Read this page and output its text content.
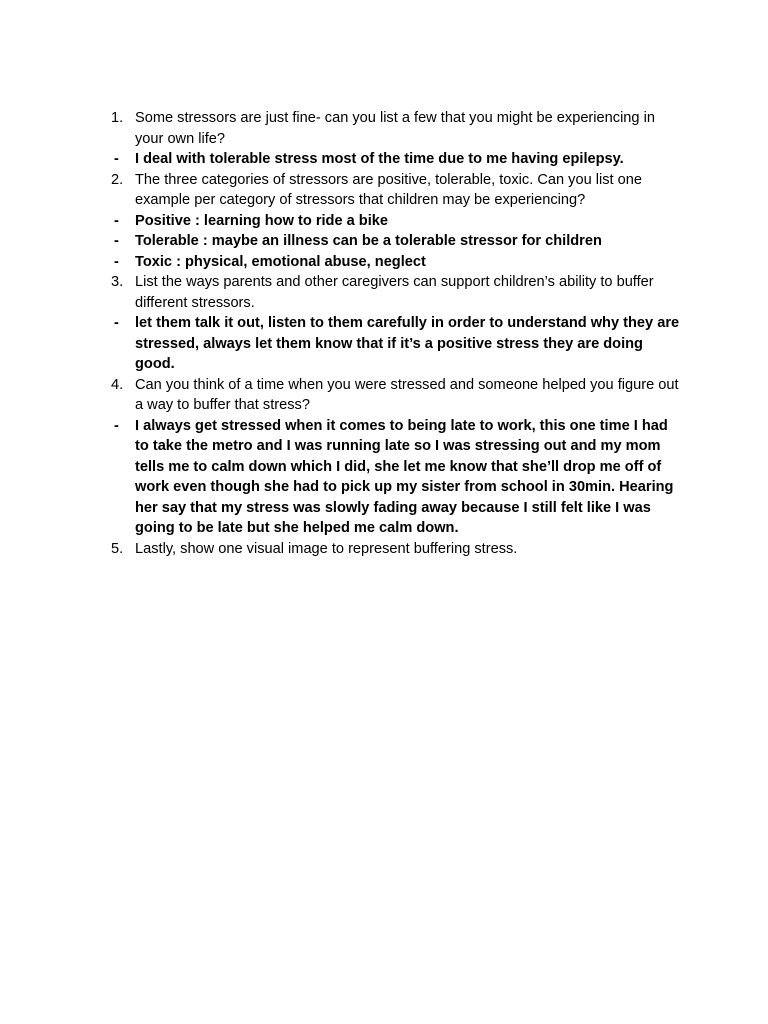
1. Some stressors are just fine- can you list a few that you might be experiencing in your own life?
-	I deal with tolerable stress most of the time due to me having epilepsy.
2. The three categories of stressors are positive, tolerable, toxic. Can you list one example per category of stressors that children may be experiencing?
-	Positive : learning how to ride a bike
-	Tolerable : maybe an illness can be a tolerable stressor for children
-	Toxic : physical, emotional abuse, neglect
3. List the ways parents and other caregivers can support children’s ability to buffer different stressors.
-	let them talk it out, listen to them carefully in order to understand why they are stressed, always let them know that if it’s a positive stress they are doing good.
4. Can you think of a time when you were stressed and someone helped you figure out a way to buffer that stress?
-	I always get stressed when it comes to being late to work, this one time I had to take the metro and I was running late so I was stressing out and my mom tells me to calm down which I did, she let me know that she’ll drop me off of work even though she had to pick up my sister from school in 30min. Hearing her say that my stress was slowly fading away because I still felt like I was going to be late but she helped me calm down.
5. Lastly, show one visual image to represent buffering stress.
